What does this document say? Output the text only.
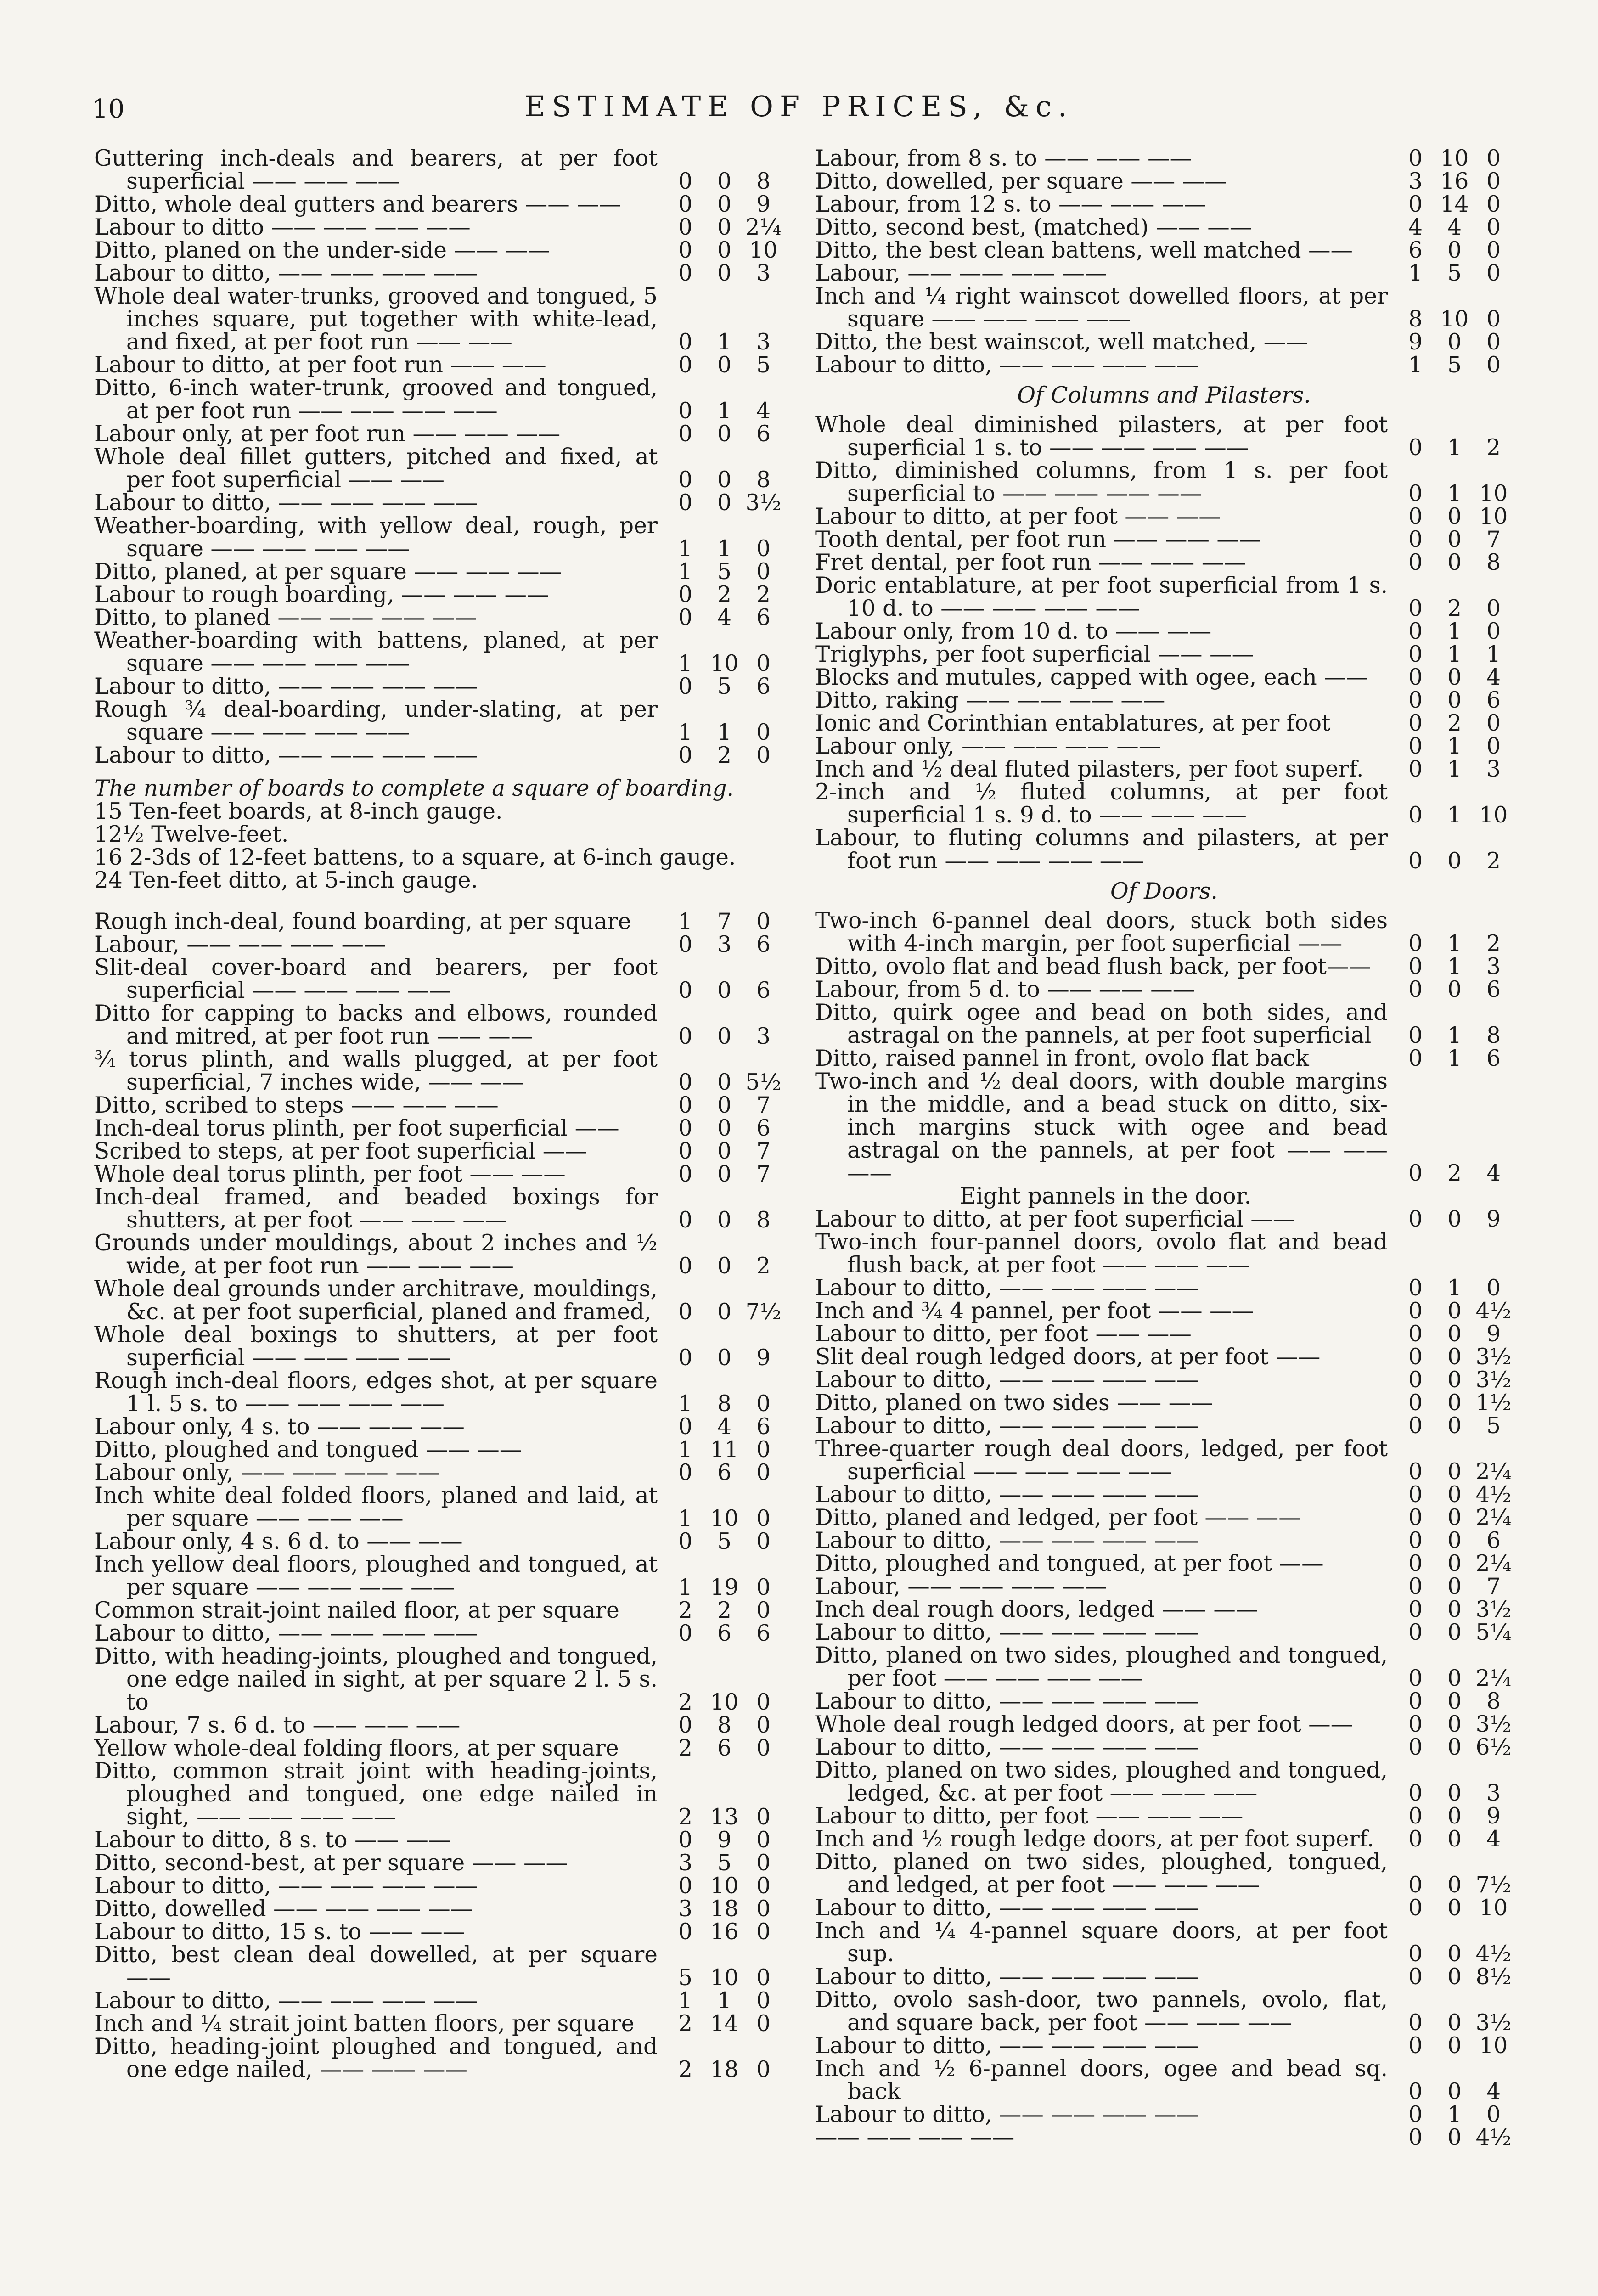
10	ESTIMATE OF PRICES, &c.
Guttering inch-deals and bearers, at per foot superficial —— —— ——	0	0	8
Ditto, whole deal gutters and bearers —— ——	0	0	9
Labour to ditto —— —— —— ——	0	0 2¼
Ditto, planed on the under-side —— ——	0	0 10
Labour to ditto, —— —— —— ——	0	0	3
Whole deal water-trunks, grooved and tongued, 5 inches square, put together with white-lead, and fixed, at per foot run —— ——	0	1	3
Labour to ditto, at per foot run —— ——	0	0	5
Ditto, 6-inch water-trunk, grooved and tongued, at per foot run —— —— —— ——	0	1	4
Labour only, at per foot run —— —— ——	0	0	6
Whole deal fillet gutters, pitched and fixed, at per foot superficial —— ——	0	0	8
Labour to ditto, —— —— —— ——	0	0 3½
Weather-boarding, with yellow deal, rough, per square —— —— —— ——	1	1	0
Ditto, planed, at per square —— —— ——	1	5	0
Labour to rough boarding, —— —— ——	0	2	2
Ditto, to planed —— —— —— ——	0	4	6
Weather-boarding with battens, planed, at per square —— —— —— ——	1 10 0
Labour to ditto, —— —— —— ——	0	5	6
Rough ¾ deal-boarding, under-slating, at per square —— —— —— ——	1	1	0
Labour to ditto, —— —— —— ——	0	2	0
The number of boards to complete a square of boarding.
15 Ten-feet boards, at 8-inch gauge.
12½ Twelve-feet.
16 2-3ds of 12-feet battens, to a square, at 6-inch gauge.
24 Ten-feet ditto, at 5-inch gauge.
Rough inch-deal, found boarding, at per square	1	7	0
Labour, —— —— —— ——	0	3	6
Slit-deal cover-board and bearers, per foot superficial —— —— —— ——	0	0	6
Ditto for capping to backs and elbows, rounded and mitred, at per foot run —— ——	0	0	3
¾ torus plinth, and walls plugged, at per foot superficial, 7 inches wide, —— ——	0	0 5½
Ditto, scribed to steps —— —— ——	0	0	7
Inch-deal torus plinth, per foot superficial ——	0	0	6
Scribed to steps, at per foot superficial ——	0	0	7
Whole deal torus plinth, per foot —— ——	0	0	7
Inch-deal framed, and beaded boxings for shutters, at per foot —— —— ——	0	0	8
Grounds under mouldings, about 2 inches and ½ wide, at per foot run —— —— ——	0	0	2
Whole deal grounds under architrave, mouldings, &c. at per foot superficial, planed and framed,	0	0 7½
Whole deal boxings to shutters, at per foot superficial —— —— —— ——	0	0	9
Rough inch-deal floors, edges shot, at per square 1 l. 5 s. to —— —— —— ——	1	8	0
Labour only, 4 s. to —— —— ——	0	4	6
Ditto, ploughed and tongued —— ——	1 11 0
Labour only, —— —— —— ——	0	6	0
Inch white deal folded floors, planed and laid, at per square —— —— ——	1 10 0
Labour only, 4 s. 6 d. to —— ——	0	5	0
Inch yellow deal floors, ploughed and tongued, at per square —— —— —— ——	1 19 0
Common strait-joint nailed floor, at per square	2	2	0
Labour to ditto, —— —— —— ——	0	6	6
Ditto, with heading-joints, ploughed and tongued, one edge nailed in sight, at per square 2 l. 5 s. to	2 10 0
Labour, 7 s. 6 d. to —— —— ——	0	8	0
Yellow whole-deal folding floors, at per square	2	6	0
Ditto, common strait joint with heading-joints, ploughed and tongued, one edge nailed in sight, —— —— —— ——	2 13 0
Labour to ditto, 8 s. to —— ——	0	9	0
Ditto, second-best, at per square —— ——	3	5	0
Labour to ditto, —— —— —— ——	0 10 0
Ditto, dowelled —— —— —— ——	3 18 0
Labour to ditto, 15 s. to —— ——	0 16 0
Ditto, best clean deal dowelled, at per square ——	5 10 0
Labour to ditto, —— —— —— ——	1	1	0
Inch and ¼ strait joint batten floors, per square	2 14 0
Ditto, heading-joint ploughed and tongued, and one edge nailed, —— —— ——	2 18 0
Labour, from 8 s. to —— —— ——	0 10 0
Ditto, dowelled, per square —— ——	3 16 0
Labour, from 12 s. to —— —— ——	0 14 0
Ditto, second best, (matched) —— ——	4	4	0
Ditto, the best clean battens, well matched ——	6	0	0
Labour, —— —— —— ——	1	5	0
Inch and ¼ right wainscot dowelled floors, at per square —— —— —— ——	8 10 0
Ditto, the best wainscot, well matched, ——	9	0	0
Labour to ditto, —— —— —— ——	1	5	0
Of Columns and Pilasters.
Whole deal diminished pilasters, at per foot superficial 1 s. to —— —— —— ——	0	1	2
Ditto, diminished columns, from 1 s. per foot superficial to —— —— —— ——	0	1 10
Labour to ditto, at per foot —— ——	0	0 10
Tooth dental, per foot run —— —— ——	0	0	7
Fret dental, per foot run —— —— ——	0	0	8
Doric entablature, at per foot superficial from 1 s. 10 d. to —— —— —— ——	0	2	0
Labour only, from 10 d. to —— ——	0	1	0
Triglyphs, per foot superficial —— ——	0	1	1
Blocks and mutules, capped with ogee, each ——	0	0	4
Ditto, raking —— —— —— ——	0	0	6
Ionic and Corinthian entablatures, at per foot	0	2	0
Labour only, —— —— —— ——	0	1	0
Inch and ½ deal fluted pilasters, per foot superf.	0	1	3
2-inch and ½ fluted columns, at per foot superficial 1 s. 9 d. to —— —— ——	0	1 10
Labour, to fluting columns and pilasters, at per foot run —— —— —— ——	0	0	2
Of Doors.
Two-inch 6-pannel deal doors, stuck both sides with 4-inch margin, per foot superficial ——	0	1	2
Ditto, ovolo flat and bead flush back, per foot——	0	1	3
Labour, from 5 d. to —— —— ——	0	0	6
Ditto, quirk ogee and bead on both sides, and astragal on the pannels, at per foot superficial	0	1	8
Ditto, raised pannel in front, ovolo flat back	0	1	6
Two-inch and ½ deal doors, with double margins in the middle, and a bead stuck on ditto, six-inch margins stuck with ogee and bead astragal on the pannels, at per foot —— —— ——	0	2	4
Eight pannels in the door.
Labour to ditto, at per foot superficial ——	0	0	9
Two-inch four-pannel doors, ovolo flat and bead flush back, at per foot —— —— ——
Labour to ditto, —— —— —— ——	0	1	0
Inch and ¾ 4 pannel, per foot —— ——	0	0 4½
Labour to ditto, per foot —— ——	0	0	9
Slit deal rough ledged doors, at per foot ——	0	0 3½
Labour to ditto, —— —— —— ——	0	0 3½
Ditto, planed on two sides —— ——	0	0 1½
Labour to ditto, —— —— —— ——	0	0	5
Three-quarter rough deal doors, ledged, per foot superficial —— —— —— ——	0	0 2¼
Labour to ditto, —— —— —— ——	0	0 4½
Ditto, planed and ledged, per foot —— ——	0	0 2¼
Labour to ditto, —— —— —— ——	0	0	6
Ditto, ploughed and tongued, at per foot ——	0	0 2¼
Labour, —— —— —— ——	0	0	7
Inch deal rough doors, ledged —— ——	0	0 3½
Labour to ditto, —— —— —— ——	0	0 5¼
Ditto, planed on two sides, ploughed and tongued, per foot —— —— —— ——	0	0 2¼
Labour to ditto, —— —— —— ——	0	0	8
Whole deal rough ledged doors, at per foot ——	0	0 3½
Labour to ditto, —— —— —— ——	0	0 6½
Ditto, planed on two sides, ploughed and tongued, ledged, &c. at per foot —— —— ——	0	0	3
Labour to ditto, per foot —— —— ——	0	0	9
Inch and ½ rough ledge doors, at per foot superf.	0	0	4
Ditto, planed on two sides, ploughed, tongued, and ledged, at per foot —— —— ——	0	0 7½
Labour to ditto, —— —— —— ——	0	0 10
Inch and ¼ 4-pannel square doors, at per foot sup.	0	0 4½
Labour to ditto, —— —— —— ——	0	0 8½
Ditto, ovolo sash-door, two pannels, ovolo, flat, and square back, per foot —— —— ——	0	0 3½
Labour to ditto, —— —— —— ——	0	0 10
Inch and ½ 6-pannel doors, ogee and bead sq. back	0	0	4
Labour to ditto, —— —— —— ——	0	1	0
—— —— —— ——	0	0 4½
